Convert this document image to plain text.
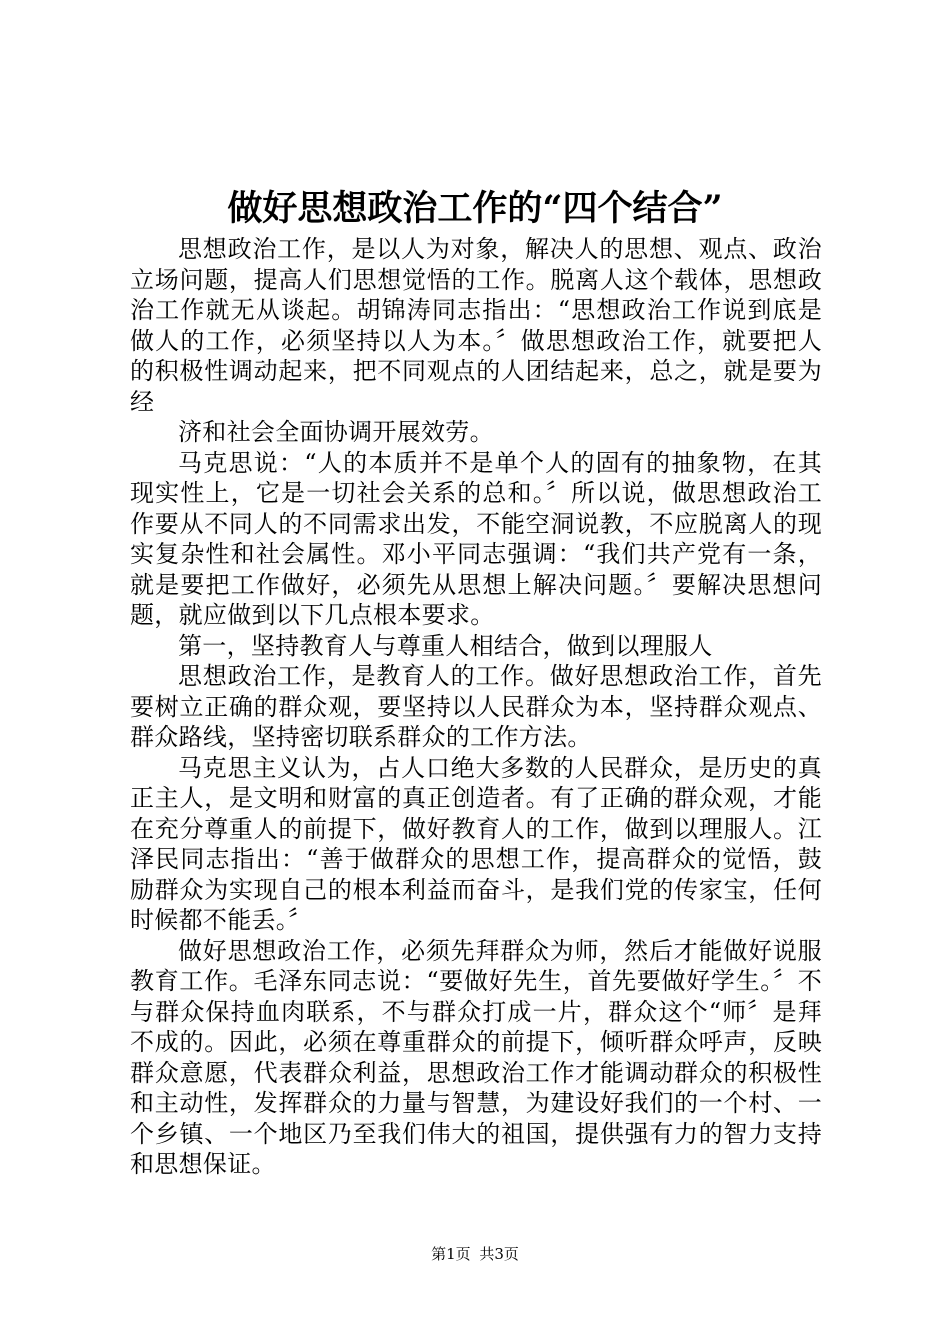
做好思想政治工作的“四个结合”

思想政治工作，是以人为对象，解决人的思想、观点、政治立场问题，提高人们思想觉悟的工作。脱离人这个载体，思想政治工作就无从谈起。胡锦涛同志指出：“思想政治工作说到底是做人的工作，必须坚持以人为本。〞做思想政治工作，就要把人的积极性调动起来，把不同观点的人团结起来，总之，就是要为经

济和社会全面协调开展效劳。

马克思说：“人的本质并不是单个人的固有的抽象物，在其现实性上，它是一切社会关系的总和。〞所以说，做思想政治工作要从不同人的不同需求出发，不能空洞说教，不应脱离人的现实复杂性和社会属性。邓小平同志强调：“我们共产党有一条，就是要把工作做好，必须先从思想上解决问题。〞要解决思想问题，就应做到以下几点根本要求。

第一，坚持教育人与尊重人相结合，做到以理服人

思想政治工作，是教育人的工作。做好思想政治工作，首先要树立正确的群众观，要坚持以人民群众为本，坚持群众观点、群众路线，坚持密切联系群众的工作方法。

马克思主义认为，占人口绝大多数的人民群众，是历史的真正主人，是文明和财富的真正创造者。有了正确的群众观，才能在充分尊重人的前提下，做好教育人的工作，做到以理服人。江泽民同志指出：“善于做群众的思想工作，提高群众的觉悟，鼓励群众为实现自己的根本利益而奋斗，是我们党的传家宝，任何时候都不能丢。〞

做好思想政治工作，必须先拜群众为师，然后才能做好说服教育工作。毛泽东同志说：“要做好先生，首先要做好学生。〞不与群众保持血肉联系，不与群众打成一片，群众这个“师〞是拜不成的。因此，必须在尊重群众的前提下，倾听群众呼声，反映群众意愿，代表群众利益，思想政治工作才能调动群众的积极性和主动性，发挥群众的力量与智慧，为建设好我们的一个村、一个乡镇、一个地区乃至我们伟大的祖国，提供强有力的智力支持和思想保证。

第1页 共3页
